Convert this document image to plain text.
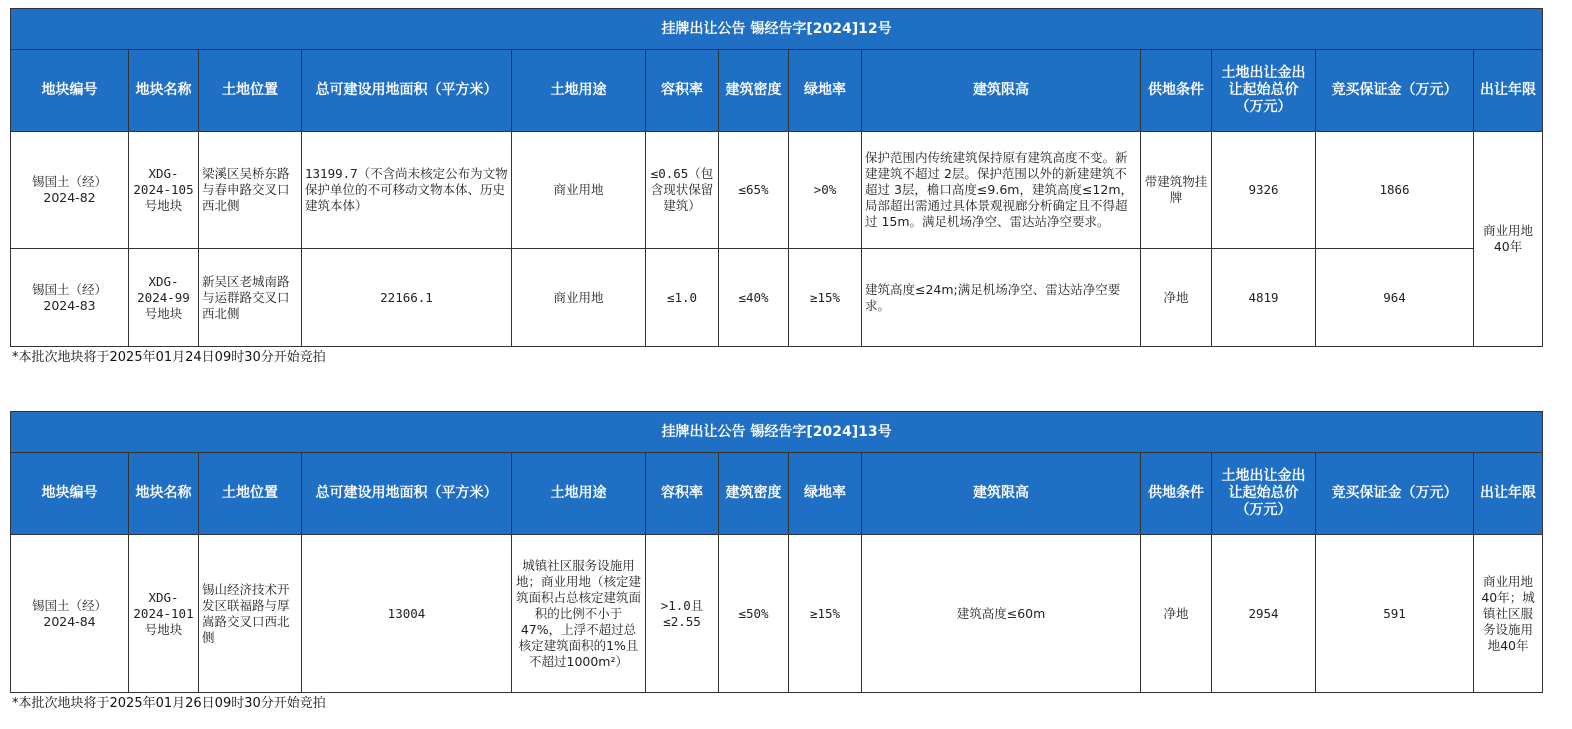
挂牌出让公告 锡经告字[2024]12号												
地块编号	地块名称	土地位置	总可建设用地面积（平方米）	土地用途	容积率	建筑密度	绿地率	建筑限高	供地条件	土地出让金出让起始总价（万元）	竞买保证金（万元）	出让年限
锡国土（经）2024-82	XDG-2024-105号地块	梁溪区吴桥东路与春申路交叉口西北侧	13199.7（不含尚未核定公布为文物保护单位的不可移动文物本体、历史建筑本体）	商业用地	≤0.65（包含现状保留建筑）	≤65%	>0%	保护范围内传统建筑保持原有建筑高度不变。新建建筑不超过 2层。保护范围以外的新建建筑不超过 3层，檐口高度≤9.6m，建筑高度≤12m，局部超出需通过具体景观视廊分析确定且不得超过 15m。满足机场净空、雷达站净空要求。	带建筑物挂牌	9326	1866	商业用地40年
锡国土（经）2024-83	XDG-2024-99号地块	新吴区老城南路与运群路交叉口西北侧	22166.1	商业用地	≤1.0	≤40%	≥15%	建筑高度≤24m;满足机场净空、雷达站净空要求。	净地	4819	964	
*本批次地块将于2025年01月24日09时30分开始竞拍
挂牌出让公告 锡经告字[2024]13号												
地块编号	地块名称	土地位置	总可建设用地面积（平方米）	土地用途	容积率	建筑密度	绿地率	建筑限高	供地条件	土地出让金出让起始总价（万元）	竞买保证金（万元）	出让年限
锡国土（经）2024-84	XDG-2024-101号地块	锡山经济技术开发区联福路与厚嵩路交叉口西北侧	13004	城镇社区服务设施用地；商业用地（核定建筑面积占总核定建筑面积的比例不小于47%，上浮不超过总核定建筑面积的1%且不超过1000m²）	>1.0且≤2.55	≤50%	≥15%	建筑高度≤60m	净地	2954	591	商业用地40年；城镇社区服务设施用地40年
*本批次地块将于2025年01月26日09时30分开始竞拍
